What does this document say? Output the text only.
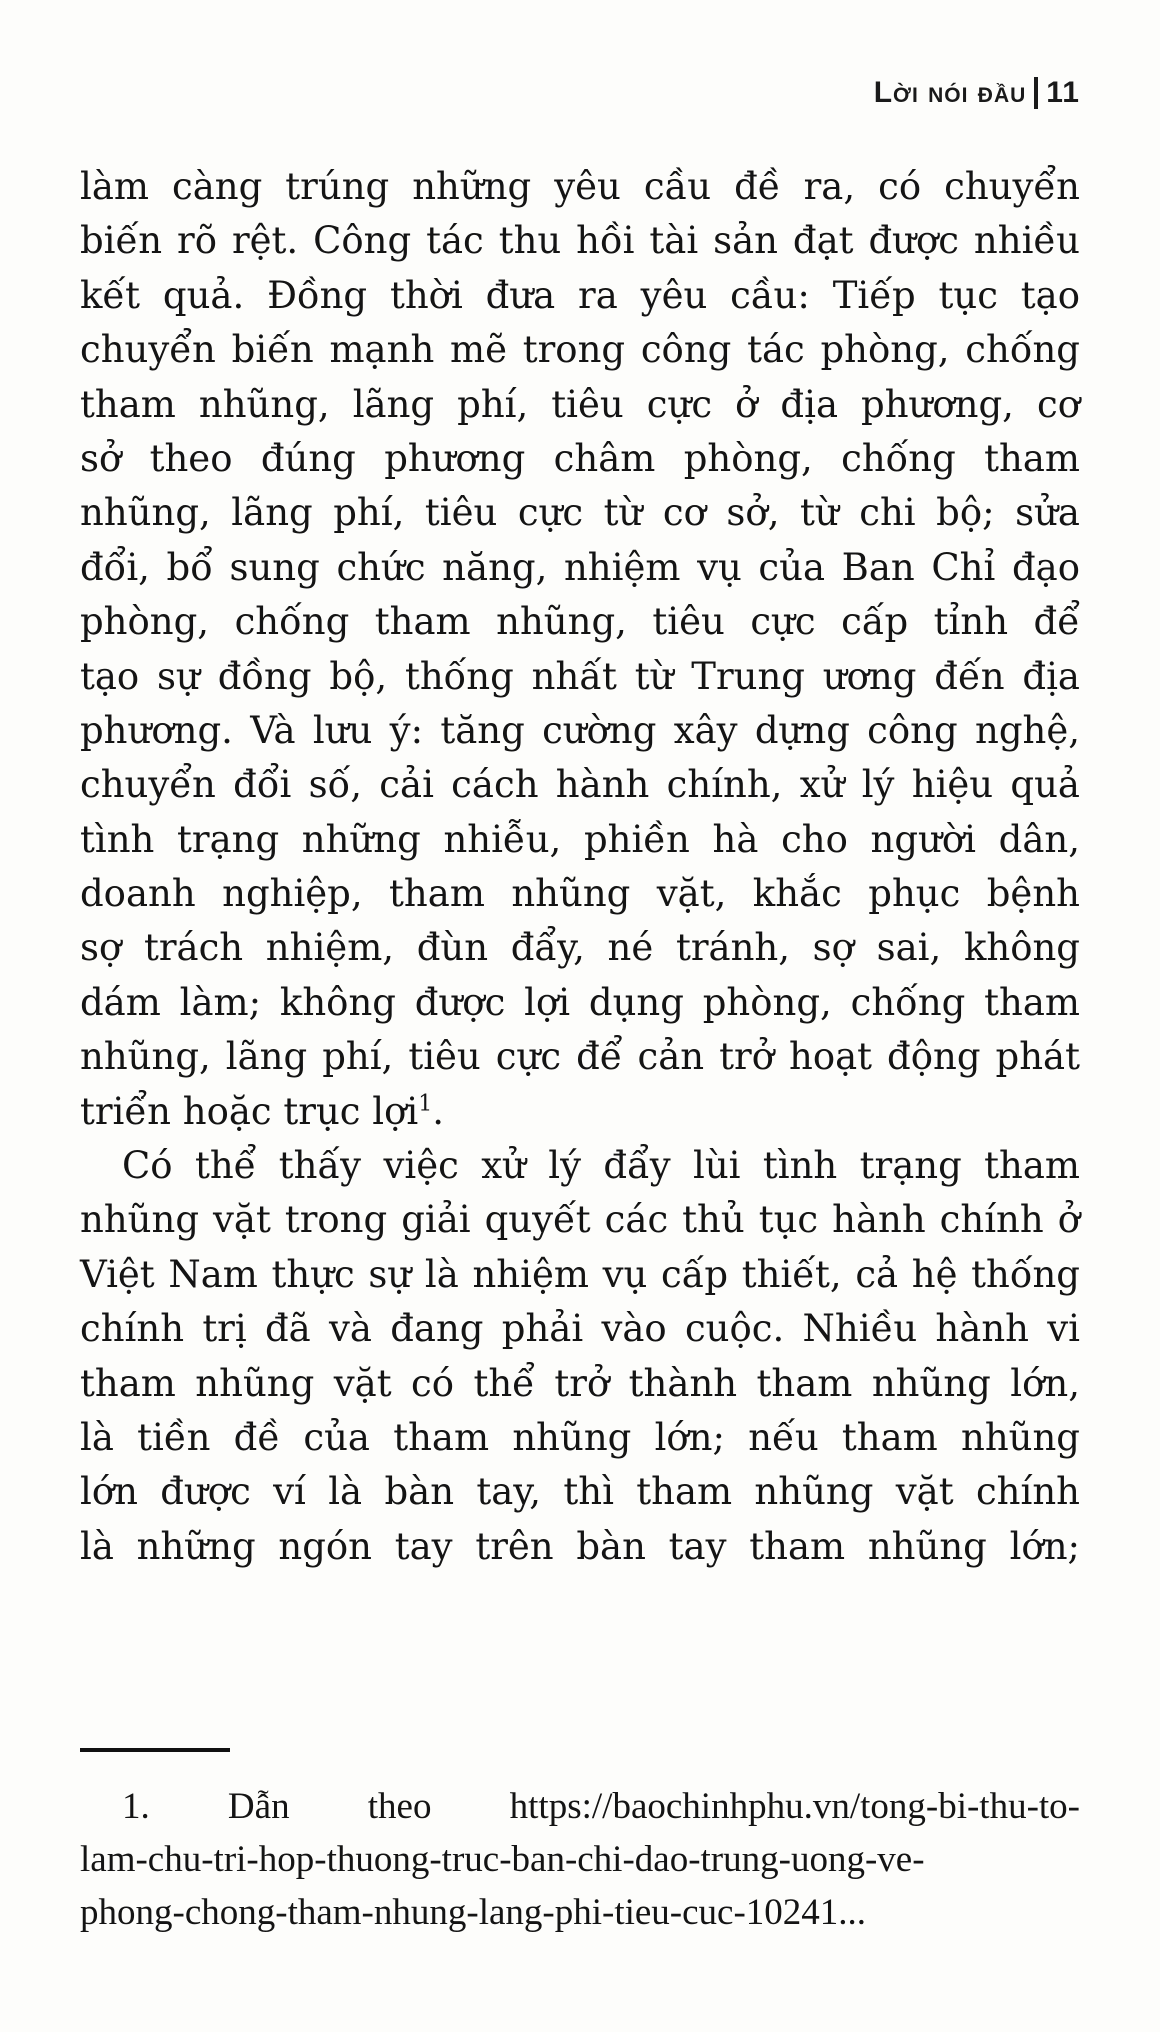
Lời nói đầu 11
làm càng trúng những yêu cầu đề ra, có chuyển
biến rõ rệt. Công tác thu hồi tài sản đạt được nhiều
kết quả. Đồng thời đưa ra yêu cầu: Tiếp tục tạo
chuyển biến mạnh mẽ trong công tác phòng, chống
tham nhũng, lãng phí, tiêu cực ở địa phương, cơ
sở theo đúng phương châm phòng, chống tham
nhũng, lãng phí, tiêu cực từ cơ sở, từ chi bộ; sửa
đổi, bổ sung chức năng, nhiệm vụ của Ban Chỉ đạo
phòng, chống tham nhũng, tiêu cực cấp tỉnh để
tạo sự đồng bộ, thống nhất từ Trung ương đến địa
phương. Và lưu ý: tăng cường xây dựng công nghệ,
chuyển đổi số, cải cách hành chính, xử lý hiệu quả
tình trạng những nhiễu, phiền hà cho người dân,
doanh nghiệp, tham nhũng vặt, khắc phục bệnh
sợ trách nhiệm, đùn đẩy, né tránh, sợ sai, không
dám làm; không được lợi dụng phòng, chống tham
nhũng, lãng phí, tiêu cực để cản trở hoạt động phát
triển hoặc trục lợi$^1$.
Có thể thấy việc xử lý đẩy lùi tình trạng tham
nhũng vặt trong giải quyết các thủ tục hành chính ở
Việt Nam thực sự là nhiệm vụ cấp thiết, cả hệ thống
chính trị đã và đang phải vào cuộc. Nhiều hành vi
tham nhũng vặt có thể trở thành tham nhũng lớn,
là tiền đề của tham nhũng lớn; nếu tham nhũng
lớn được ví là bàn tay, thì tham nhũng vặt chính
là những ngón tay trên bàn tay tham nhũng lớn;
1. Dẫn theo https://baochinhphu.vn/tong-bi-thu-to-
lam-chu-tri-hop-thuong-truc-ban-chi-dao-trung-uong-ve-
phong-chong-tham-nhung-lang-phi-tieu-cuc-10241...
